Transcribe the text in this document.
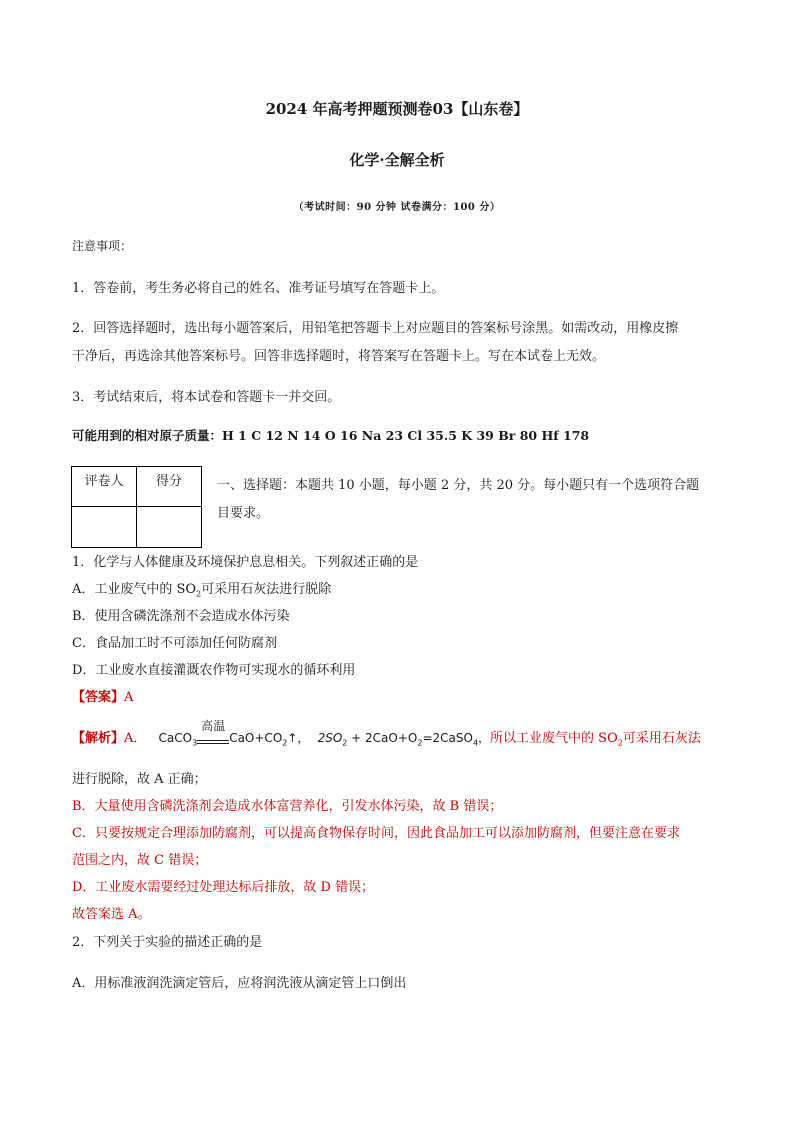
2024 年高考押题预测卷03【山东卷】
化学·全解全析
（考试时间：90 分钟 试卷满分：100 分）
注意事项：
1．答卷前，考生务必将自己的姓名、准考证号填写在答题卡上。
2．回答选择题时，选出每小题答案后，用铅笔把答题卡上对应题目的答案标号涂黑。如需改动，用橡皮擦
干净后，再选涂其他答案标号。回答非选择题时，将答案写在答题卡上。写在本试卷上无效。
3．考试结束后，将本试卷和答题卡一并交回。
可能用到的相对原子质量：H 1 C 12 N 14 O 16 Na 23 Cl 35.5 K 39 Br 80 Hf 178
评卷人	得分
		一、选择题：本题共 10 小题，每小题 2 分，共 20 分。每小题只有一个选项符合题
目要求。
1．化学与人体健康及环境保护息息相关。下列叙述正确的是
A．工业废气中的 $SO_2$可采用石灰法进行脱除
B．使用含磷洗涤剂不会造成水体污染
C．食品加工时不可添加任何防腐剂
D．工业废水直接灌溉农作物可实现水的循环利用
【答案】A
【解析】A． CaCO$_3$
高温
$CaO+CO_2↑$， $2SO_2$ + $2CaO+O_2=2CaSO_4$，所以工业废气中的 $SO_2$可采用石灰法
进行脱除，故 A 正确；
B．大量使用含磷洗涤剂会造成水体富营养化，引发水体污染，故 B 错误；
C．只要按规定合理添加防腐剂，可以提高食物保存时间，因此食品加工可以添加防腐剂，但要注意在要求
范围之内，故 C 错误；
D．工业废水需要经过处理达标后排放，故 D 错误；
故答案选 A。
2．下列关于实验的描述正确的是
A．用标准液润洗滴定管后，应将润洗液从滴定管上口倒出
